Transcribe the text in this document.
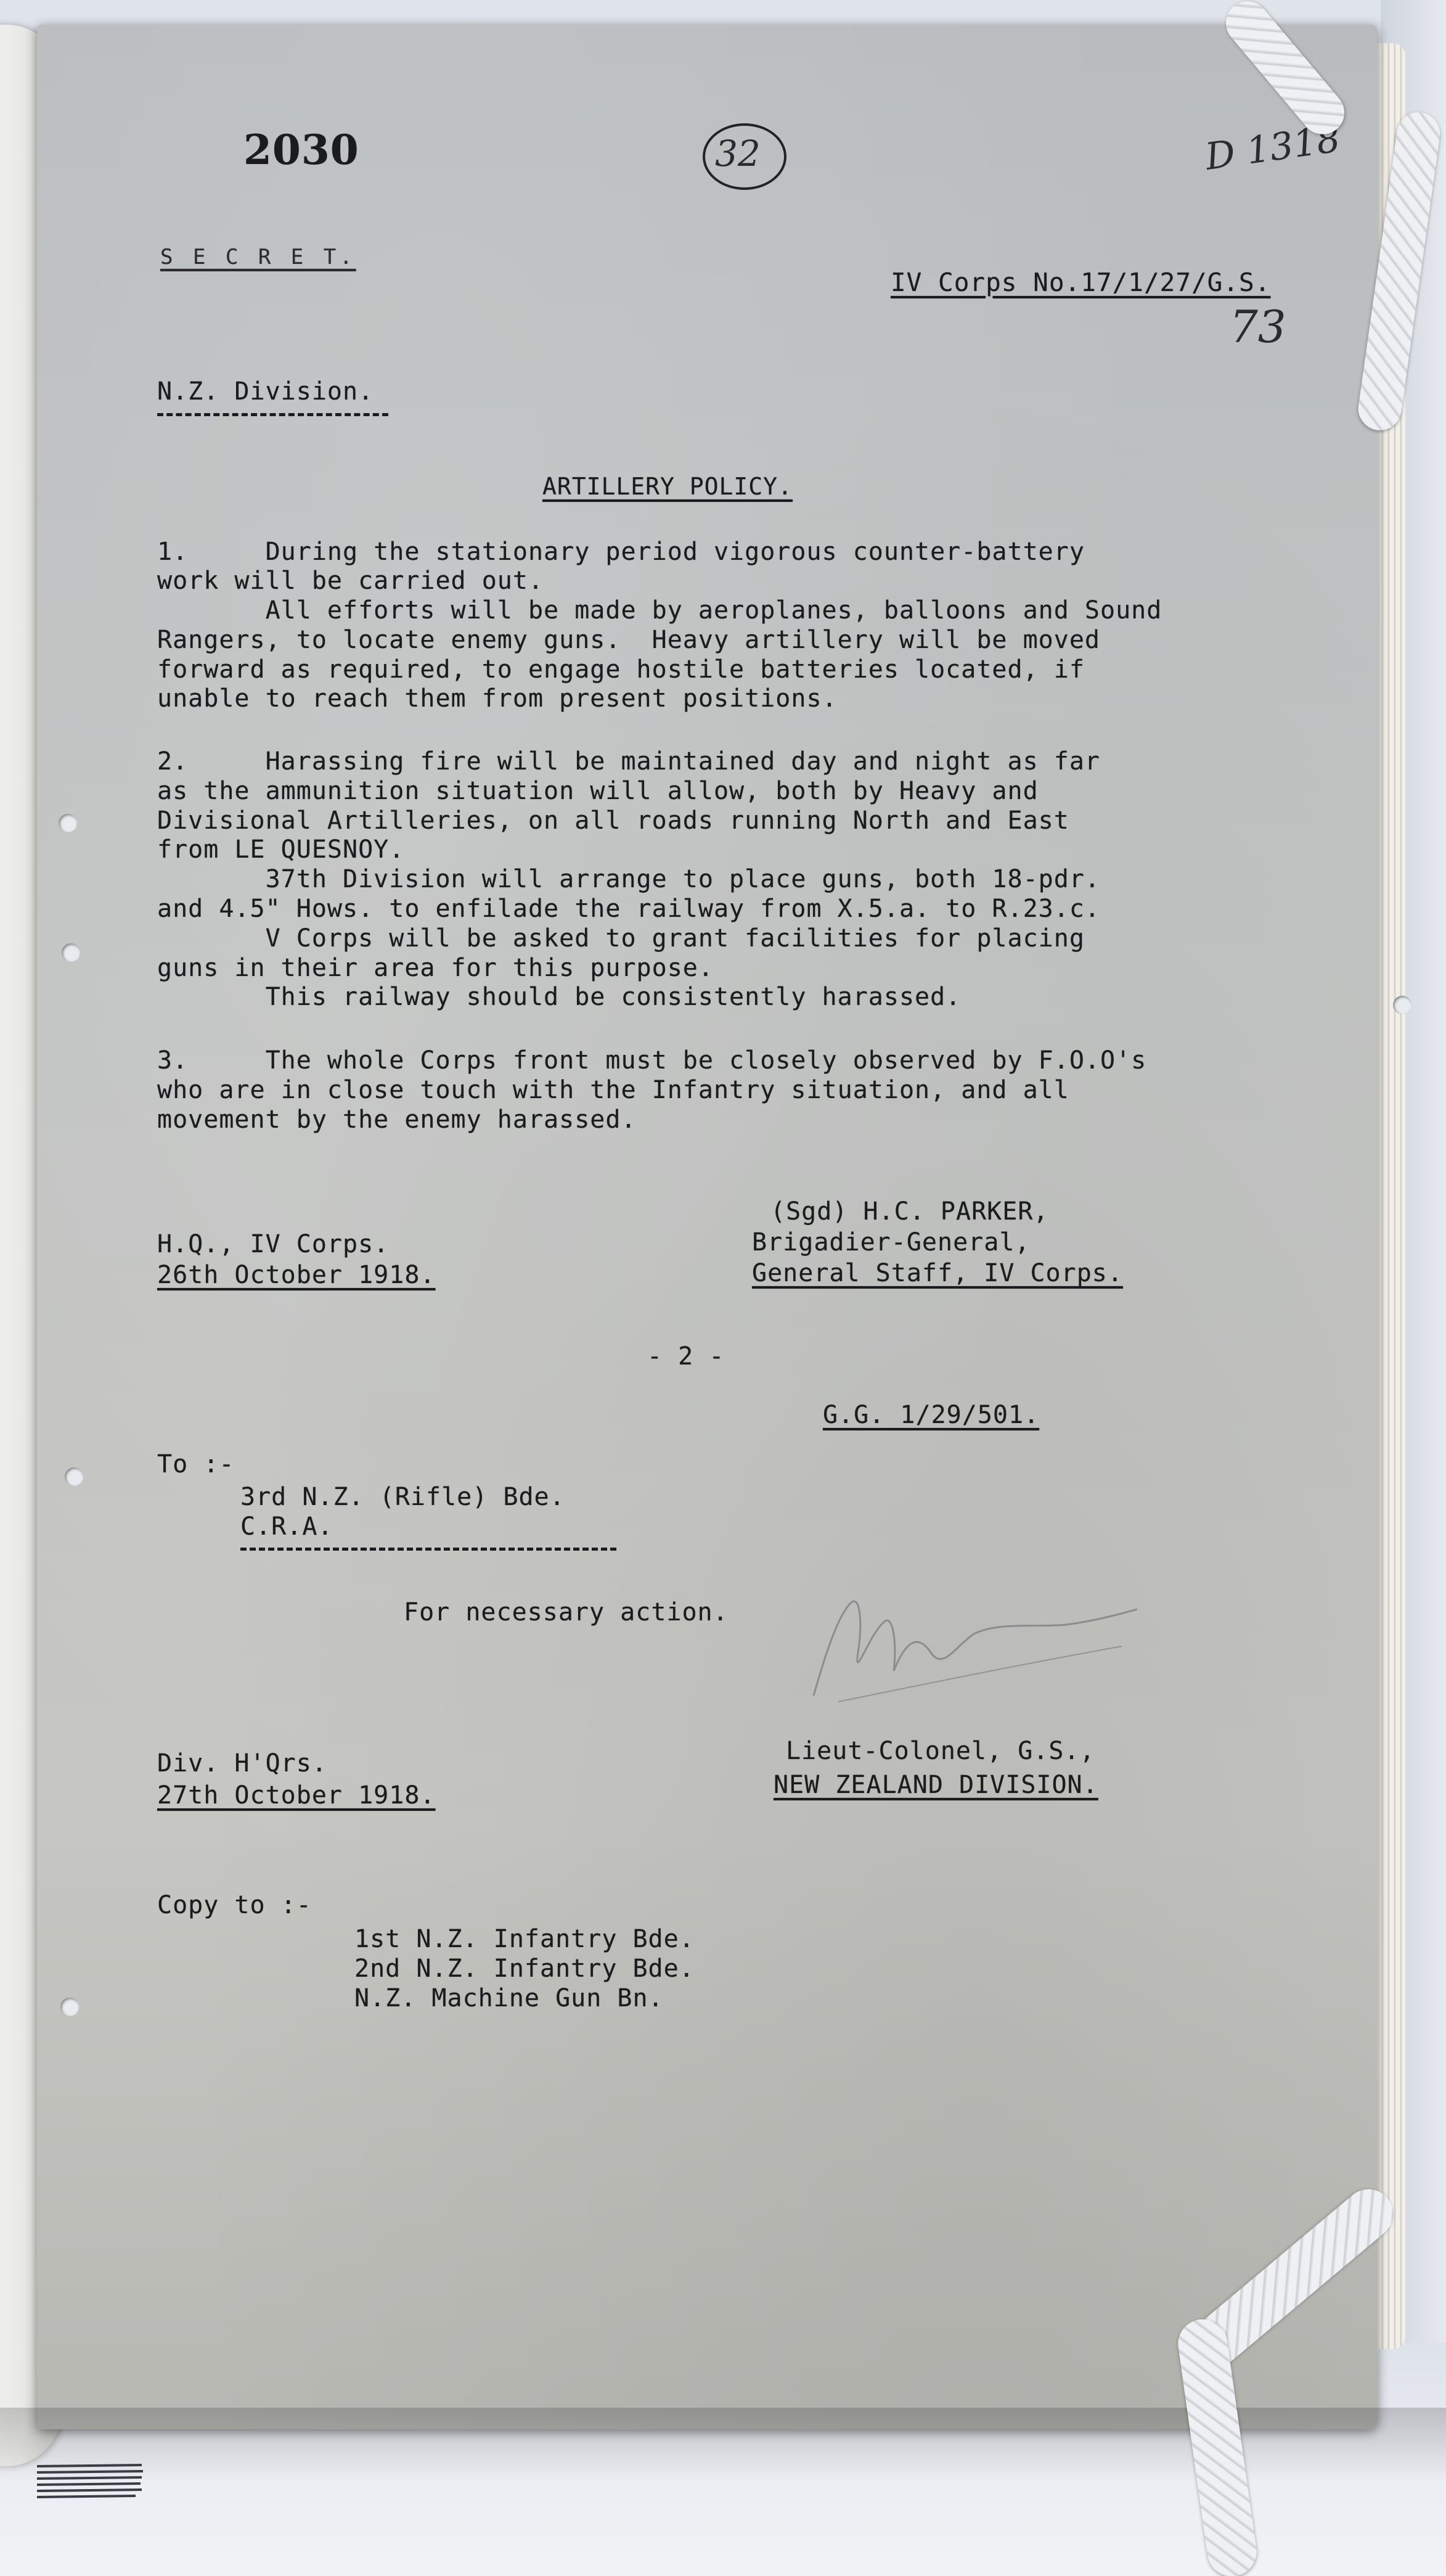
2030	32	D 1318
S E C R E T.
IV Corps No.17/1/27/G.S.
73
N.Z. Division.
ARTILLERY POLICY.
1.     During the stationary period vigorous counter-battery
work will be carried out.
All efforts will be made by aeroplanes, balloons and Sound
Rangers, to locate enemy guns.  Heavy artillery will be moved
forward as required, to engage hostile batteries located, if
unable to reach them from present positions.
2.     Harassing fire will be maintained day and night as far
as the ammunition situation will allow, both by Heavy and
Divisional Artilleries, on all roads running North and East
from LE QUESNOY.
37th Division will arrange to place guns, both 18-pdr.
and 4.5" Hows. to enfilade the railway from X.5.a. to R.23.c.
V Corps will be asked to grant facilities for placing
guns in their area for this purpose.
This railway should be consistently harassed.
3.     The whole Corps front must be closely observed by F.O.O's
who are in close touch with the Infantry situation, and all
movement by the enemy harassed.
H.Q., IV Corps.
26th October 1918.
(Sgd) H.C. PARKER,
Brigadier-General,
General Staff, IV Corps.
- 2 -
G.G. 1/29/501.
To :-
3rd N.Z. (Rifle) Bde.
C.R.A.
For necessary action.
Div. H'Qrs.
27th October 1918.
Lieut-Colonel, G.S.,
NEW ZEALAND DIVISION.
Copy to :-
1st N.Z. Infantry Bde.
2nd N.Z. Infantry Bde.
N.Z. Machine Gun Bn.
